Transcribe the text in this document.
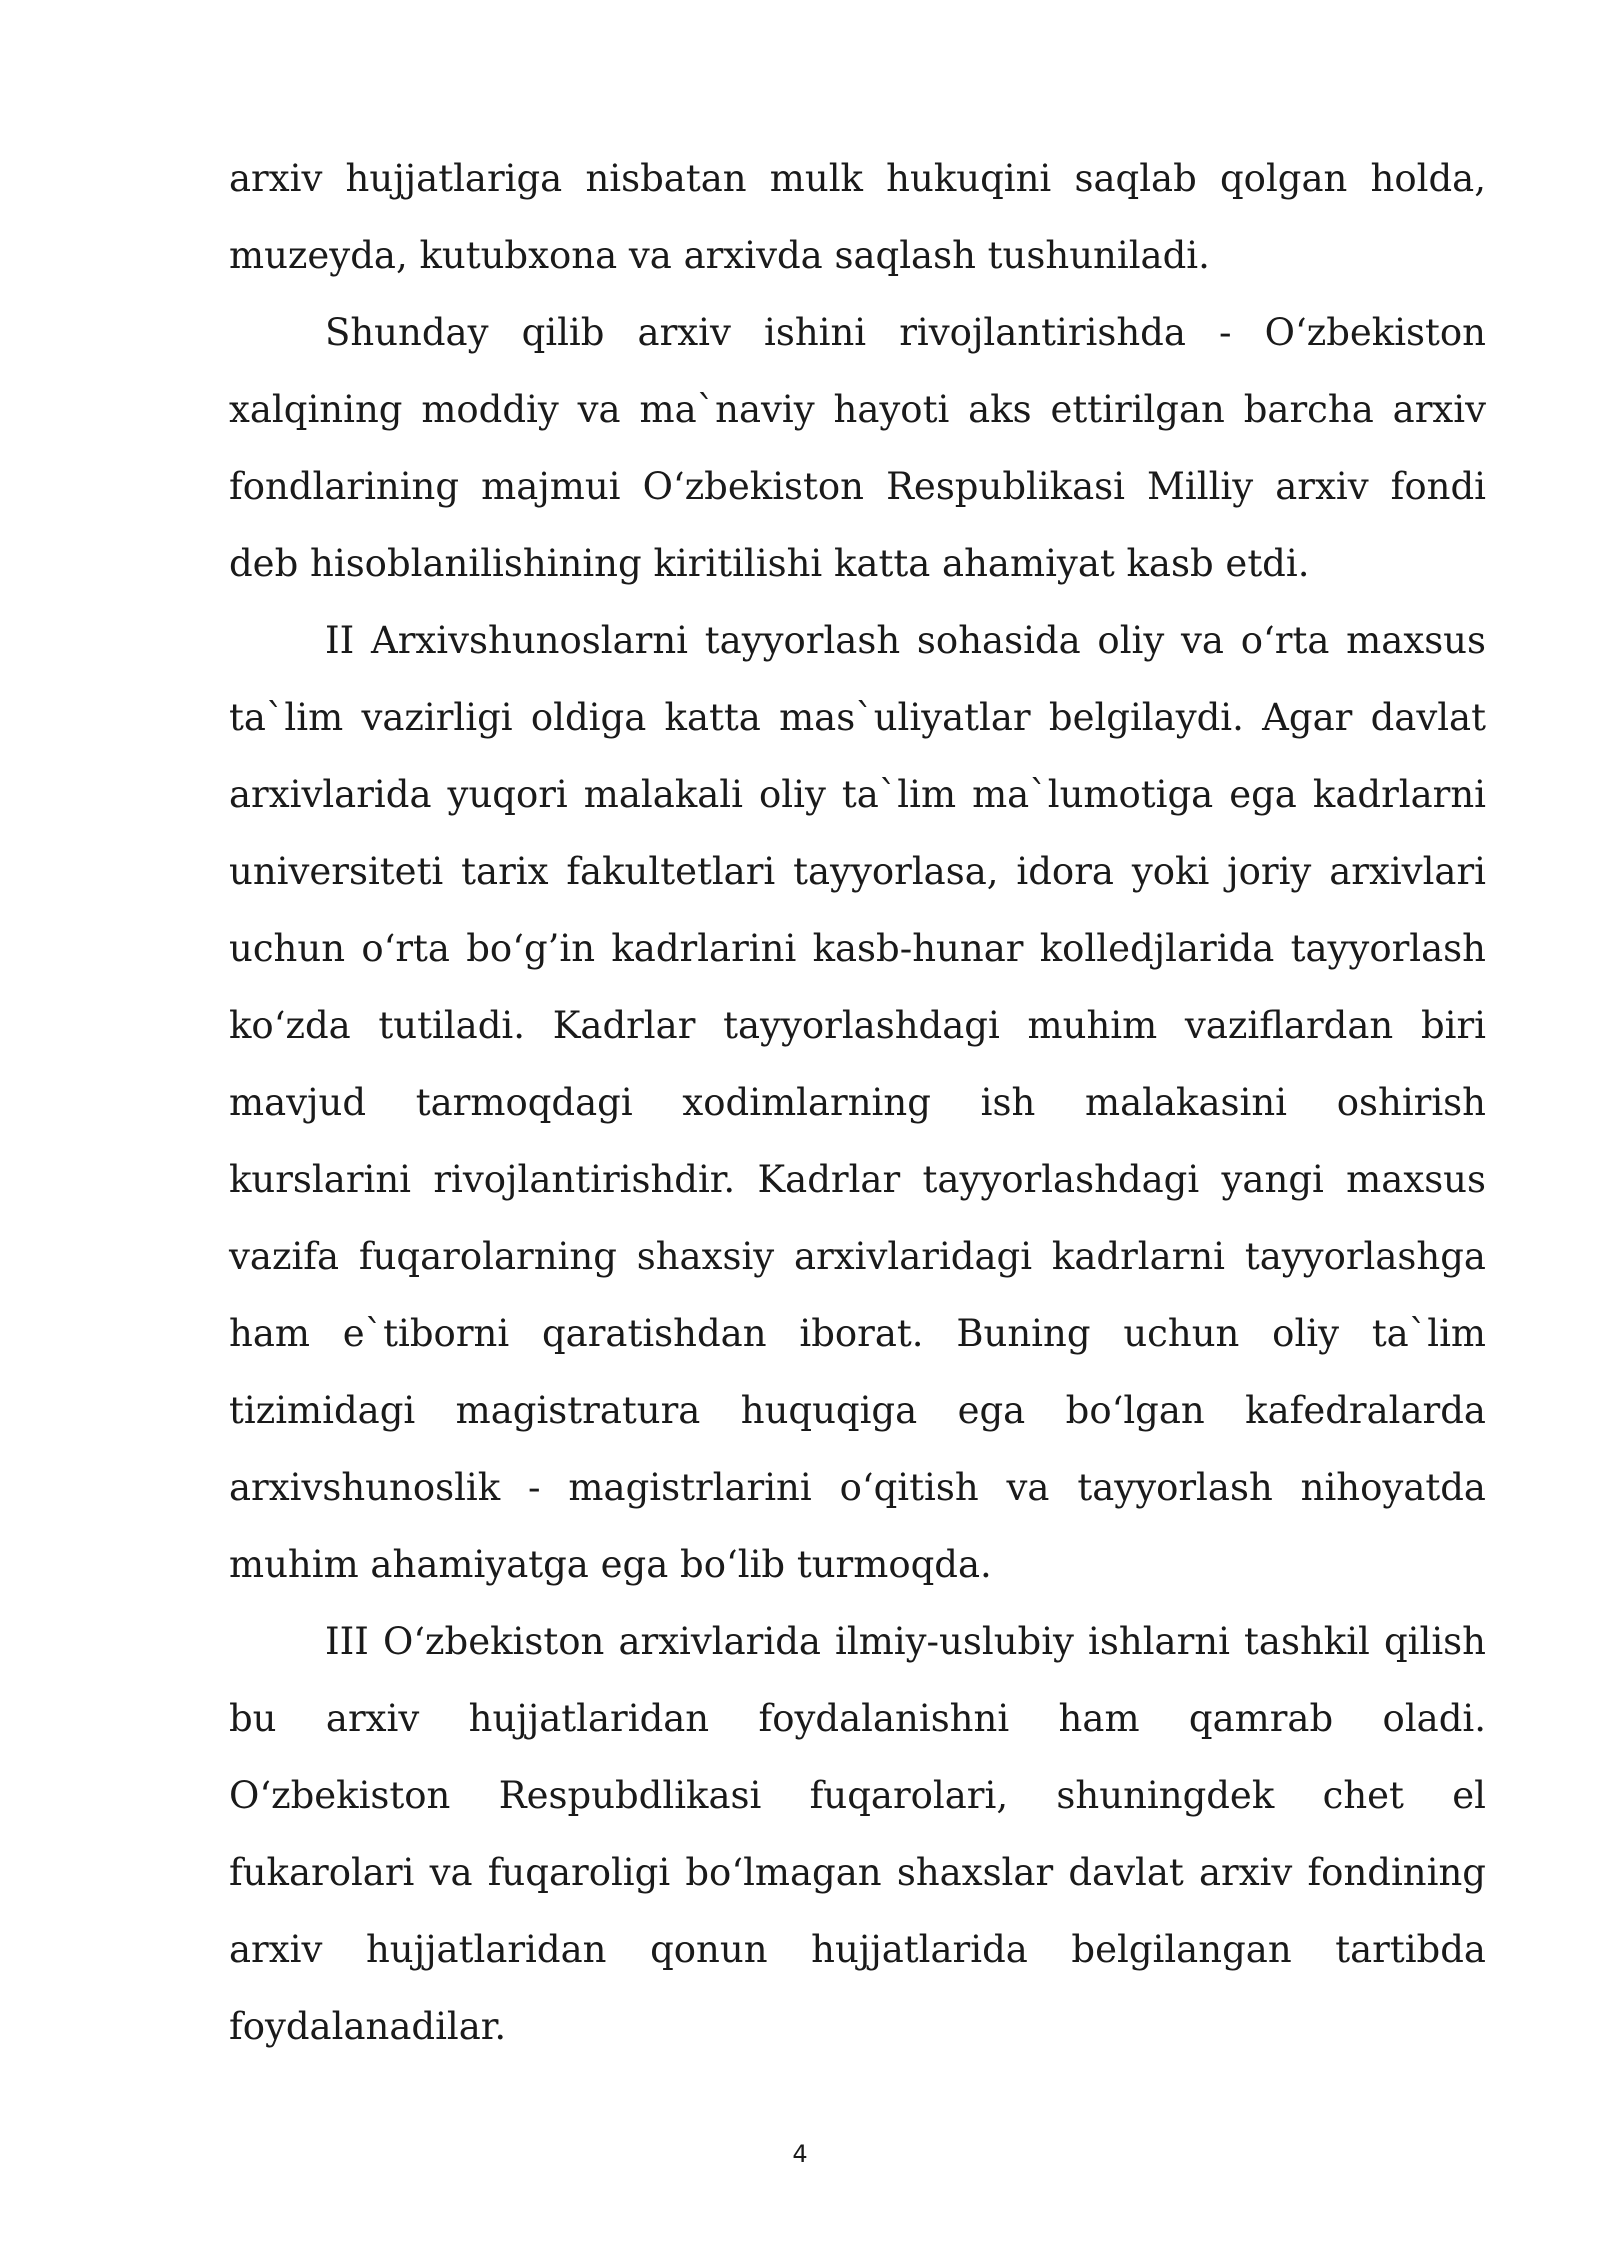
arxiv hujjatlariga nisbatan mulk hukuqini saqlab qolgan holda, muzeyda, kutubxona va arxivda saqlash tushuniladi.

Shunday qilib arxiv ishini rivojlantirishda - O‘zbekiston xalqining moddiy va ma`naviy hayoti aks ettirilgan barcha arxiv fondlarining majmui O‘zbekiston Respublikasi Milliy arxiv fondi deb hisoblanilishining kiritilishi katta ahamiyat kasb etdi.

II Arxivshunoslarni tayyorlash sohasida oliy va o‘rta maxsus ta`lim vazirligi oldiga katta mas`uliyatlar belgilaydi. Agar davlat arxivlarida yuqori malakali oliy ta`lim ma`lumotiga ega kadrlarni universiteti tarix fakultetlari tayyorlasa, idora yoki joriy arxivlari uchun o‘rta bo‘g’in kadrlarini kasb-hunar kolledjlarida tayyorlash ko‘zda tutiladi. Kadrlar tayyorlashdagi muhim vaziflardan biri mavjud tarmoqdagi xodimlarning ish malakasini oshirish kurslarini rivojlantirishdir. Kadrlar tayyorlashdagi yangi maxsus vazifa fuqarolarning shaxsiy arxivlaridagi kadrlarni tayyorlashga ham e`tiborni qaratishdan iborat. Buning uchun oliy ta`lim tizimidagi magistratura huquqiga ega bo‘lgan kafedralarda arxivshunoslik - magistrlarini o‘qitish va tayyorlash nihoyatda muhim ahamiyatga ega bo‘lib turmoqda.

III O‘zbekiston arxivlarida ilmiy-uslubiy ishlarni tashkil qilish bu arxiv hujjatlaridan foydalanishni ham qamrab oladi. O‘zbekiston Respubdlikasi fuqarolari, shuningdek chet el fukarolari va fuqaroligi bo‘lmagan shaxslar davlat arxiv fondining arxiv hujjatlaridan qonun hujjatlarida belgilangan tartibda foydalanadilar.

4
